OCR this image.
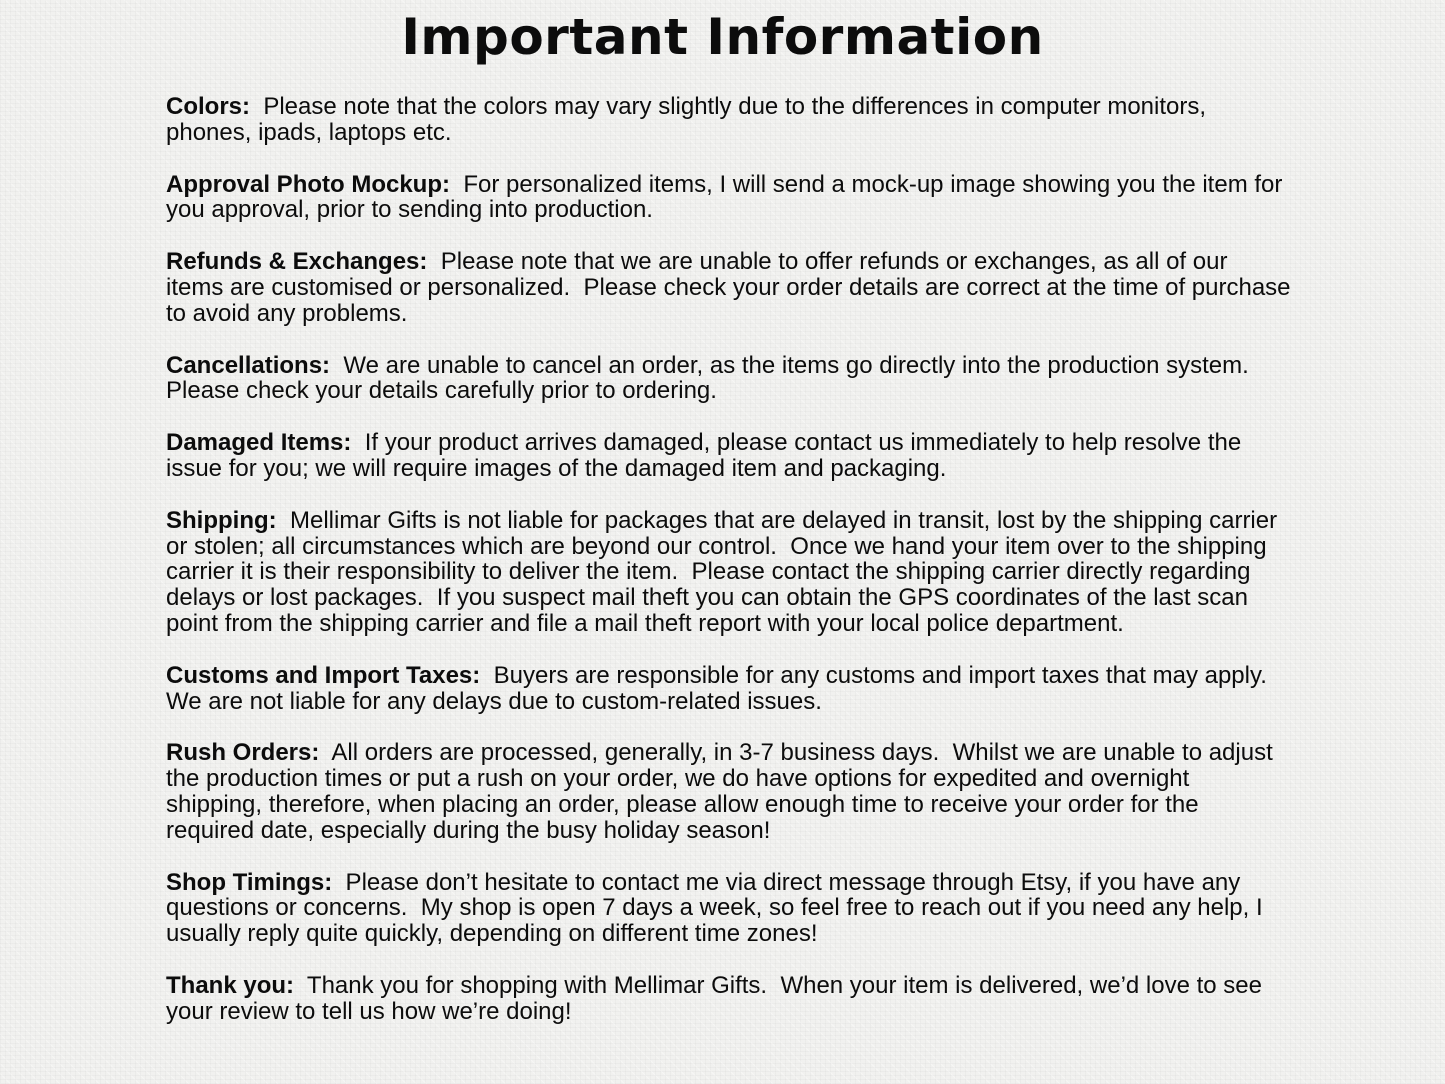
Important Information

Colors:  Please note that the colors may vary slightly due to the differences in computer monitors, phones, ipads, laptops etc.

Approval Photo Mockup:  For personalized items, I will send a mock-up image showing you the item for you approval, prior to sending into production.

Refunds & Exchanges:  Please note that we are unable to offer refunds or exchanges, as all of our items are customised or personalized.  Please check your order details are correct at the time of purchase to avoid any problems.

Cancellations:  We are unable to cancel an order, as the items go directly into the production system.  Please check your details carefully prior to ordering.

Damaged Items:  If your product arrives damaged, please contact us immediately to help resolve the issue for you; we will require images of the damaged item and packaging.

Shipping:  Mellimar Gifts is not liable for packages that are delayed in transit, lost by the shipping carrier or stolen; all circumstances which are beyond our control.  Once we hand your item over to the shipping carrier it is their responsibility to deliver the item.  Please contact the shipping carrier directly regarding delays or lost packages.  If you suspect mail theft you can obtain the GPS coordinates of the last scan point from the shipping carrier and file a mail theft report with your local police department.

Customs and Import Taxes:  Buyers are responsible for any customs and import taxes that may apply.  We are not liable for any delays due to custom-related issues.

Rush Orders:  All orders are processed, generally, in 3-7 business days.  Whilst we are unable to adjust the production times or put a rush on your order, we do have options for expedited and overnight shipping, therefore, when placing an order, please allow enough time to receive your order for the required date, especially during the busy holiday season!

Shop Timings:  Please don’t hesitate to contact me via direct message through Etsy, if you have any questions or concerns.  My shop is open 7 days a week, so feel free to reach out if you need any help, I usually reply quite quickly, depending on different time zones!

Thank you:  Thank you for shopping with Mellimar Gifts.  When your item is delivered, we’d love to see your review to tell us how we’re doing!
